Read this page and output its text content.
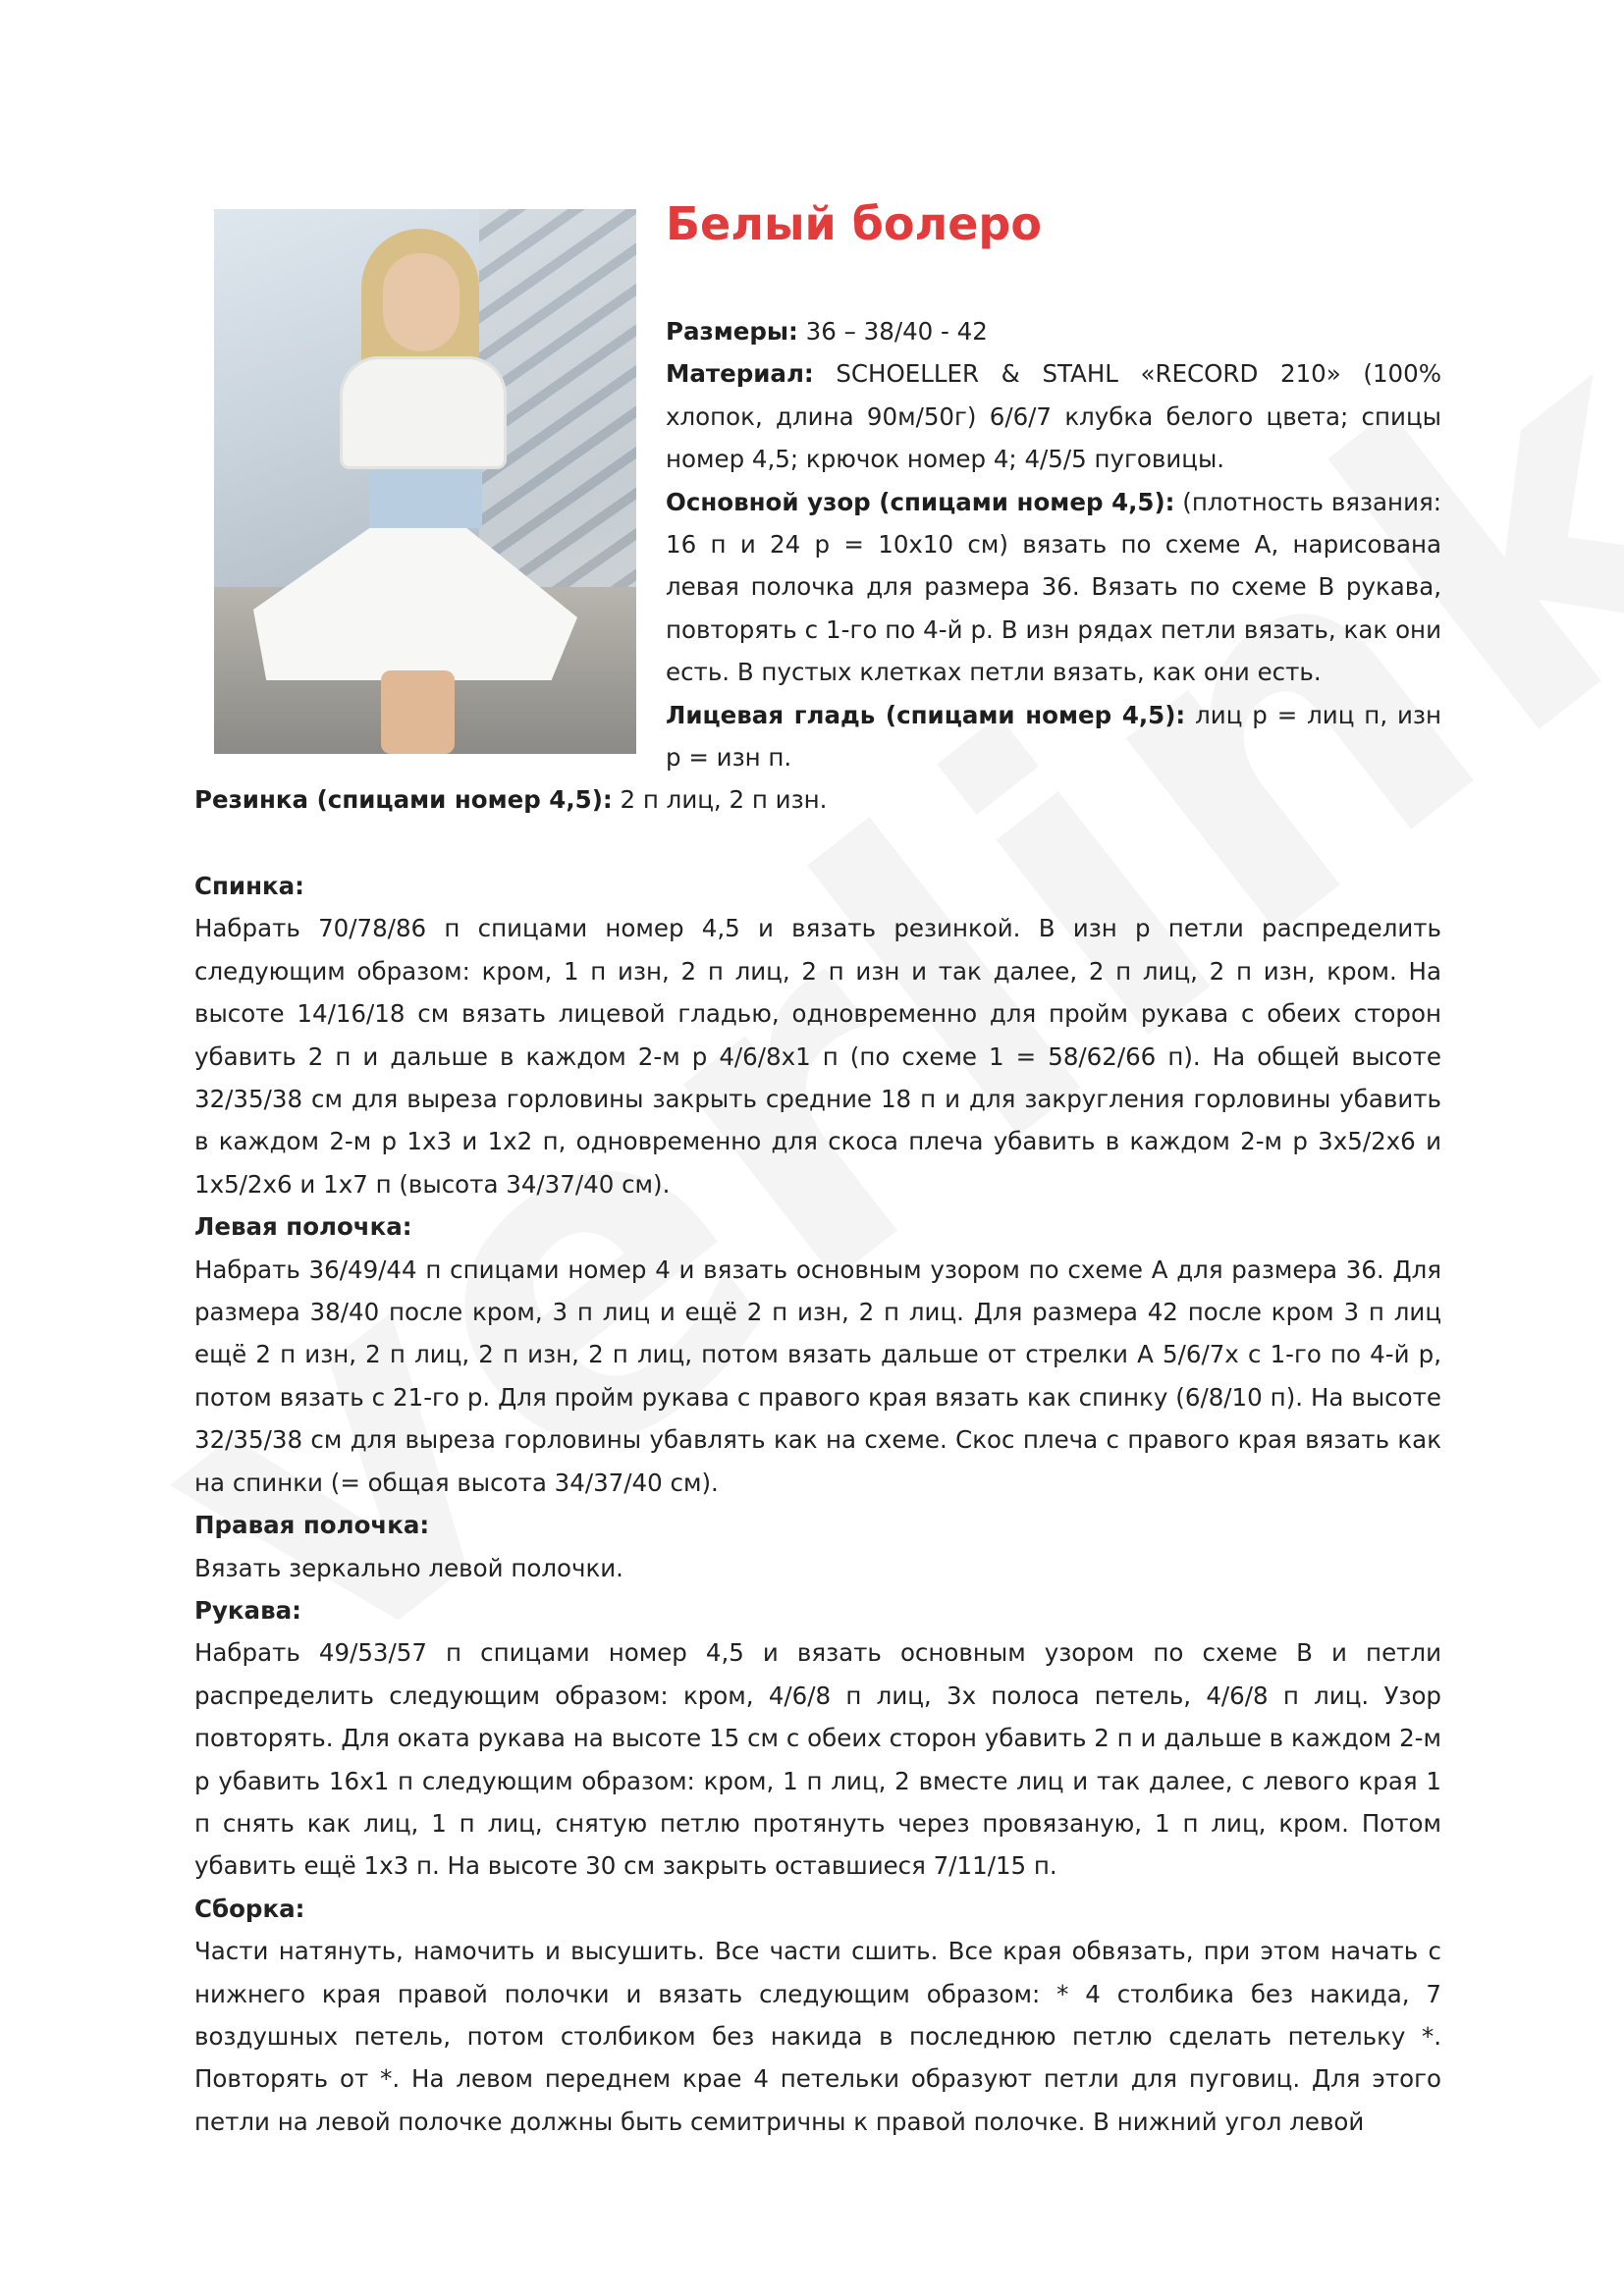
Белый болеро

Размеры: 36 – 38/40 - 42
Материал: SCHOELLER & STAHL «RECORD 210» (100% хлопок, длина 90м/50г) 6/6/7 клубка белого цвета; спицы номер 4,5; крючок номер 4; 4/5/5 пуговицы.
Основной узор (спицами номер 4,5): (плотность вязания: 16 п и 24 р = 10x10 см) вязать по схеме А, нарисована левая полочка для размера 36. Вязать по схеме В рукава, повторять с 1-го по 4-й р. В изн рядах петли вязать, как они есть. В пустых клетках петли вязать, как они есть.
Лицевая гладь (спицами номер 4,5): лиц р = лиц п, изн р = изн п.

Резинка (спицами номер 4,5): 2 п лиц, 2 п изн.

Спинка:
Набрать 70/78/86 п спицами номер 4,5 и вязать резинкой. В изн р петли распределить следующим образом: кром, 1 п изн, 2 п лиц, 2 п изн и так далее, 2 п лиц, 2 п изн, кром. На высоте 14/16/18 см вязать лицевой гладью, одновременно для пройм рукава с обеих сторон убавить 2 п и дальше в каждом 2-м р 4/6/8x1 п (по схеме 1 = 58/62/66 п). На общей высоте 32/35/38 см для выреза горловины закрыть средние 18 п и для закругления горловины убавить в каждом 2-м р 1x3 и 1x2 п, одновременно для скоса плеча убавить в каждом 2-м р 3x5/2x6 и 1x5/2x6 и 1x7 п (высота 34/37/40 см).
Левая полочка:
Набрать 36/49/44 п спицами номер 4 и вязать основным узором по схеме А для размера 36. Для размера 38/40 после кром, 3 п лиц и ещё 2 п изн, 2 п лиц. Для размера 42 после кром 3 п лиц ещё 2 п изн, 2 п лиц, 2 п изн, 2 п лиц, потом вязать дальше от стрелки А 5/6/7x с 1-го по 4-й р, потом вязать с 21-го р. Для пройм рукава с правого края вязать как спинку (6/8/10 п). На высоте 32/35/38 см для выреза горловины убавлять как на схеме. Скос плеча с правого края вязать как на спинки (= общая высота 34/37/40 см).
Правая полочка:
Вязать зеркально левой полочки.
Рукава:
Набрать 49/53/57 п спицами номер 4,5 и вязать основным узором по схеме В и петли распределить следующим образом: кром, 4/6/8 п лиц, 3x полоса петель, 4/6/8 п лиц. Узор повторять. Для оката рукава на высоте 15 см с обеих сторон убавить 2 п и дальше в каждом 2-м р убавить 16x1 п следующим образом: кром, 1 п лиц, 2 вместе лиц и так далее, с левого края 1 п снять как лиц, 1 п лиц, снятую петлю протянуть через провязаную, 1 п лиц, кром. Потом убавить ещё 1x3 п. На высоте 30 см закрыть оставшиеся 7/11/15 п.
Сборка:
Части натянуть, намочить и высушить. Все части сшить. Все края обвязать, при этом начать с нижнего края правой полочки и вязать следующим образом: * 4 столбика без накида, 7 воздушных петель, потом столбиком без накида в последнюю петлю сделать петельку *. Повторять от *. На левом переднем крае 4 петельки образуют петли для пуговиц. Для этого петли на левой полочке должны быть семитричны к правой полочке. В нижний угол левой
